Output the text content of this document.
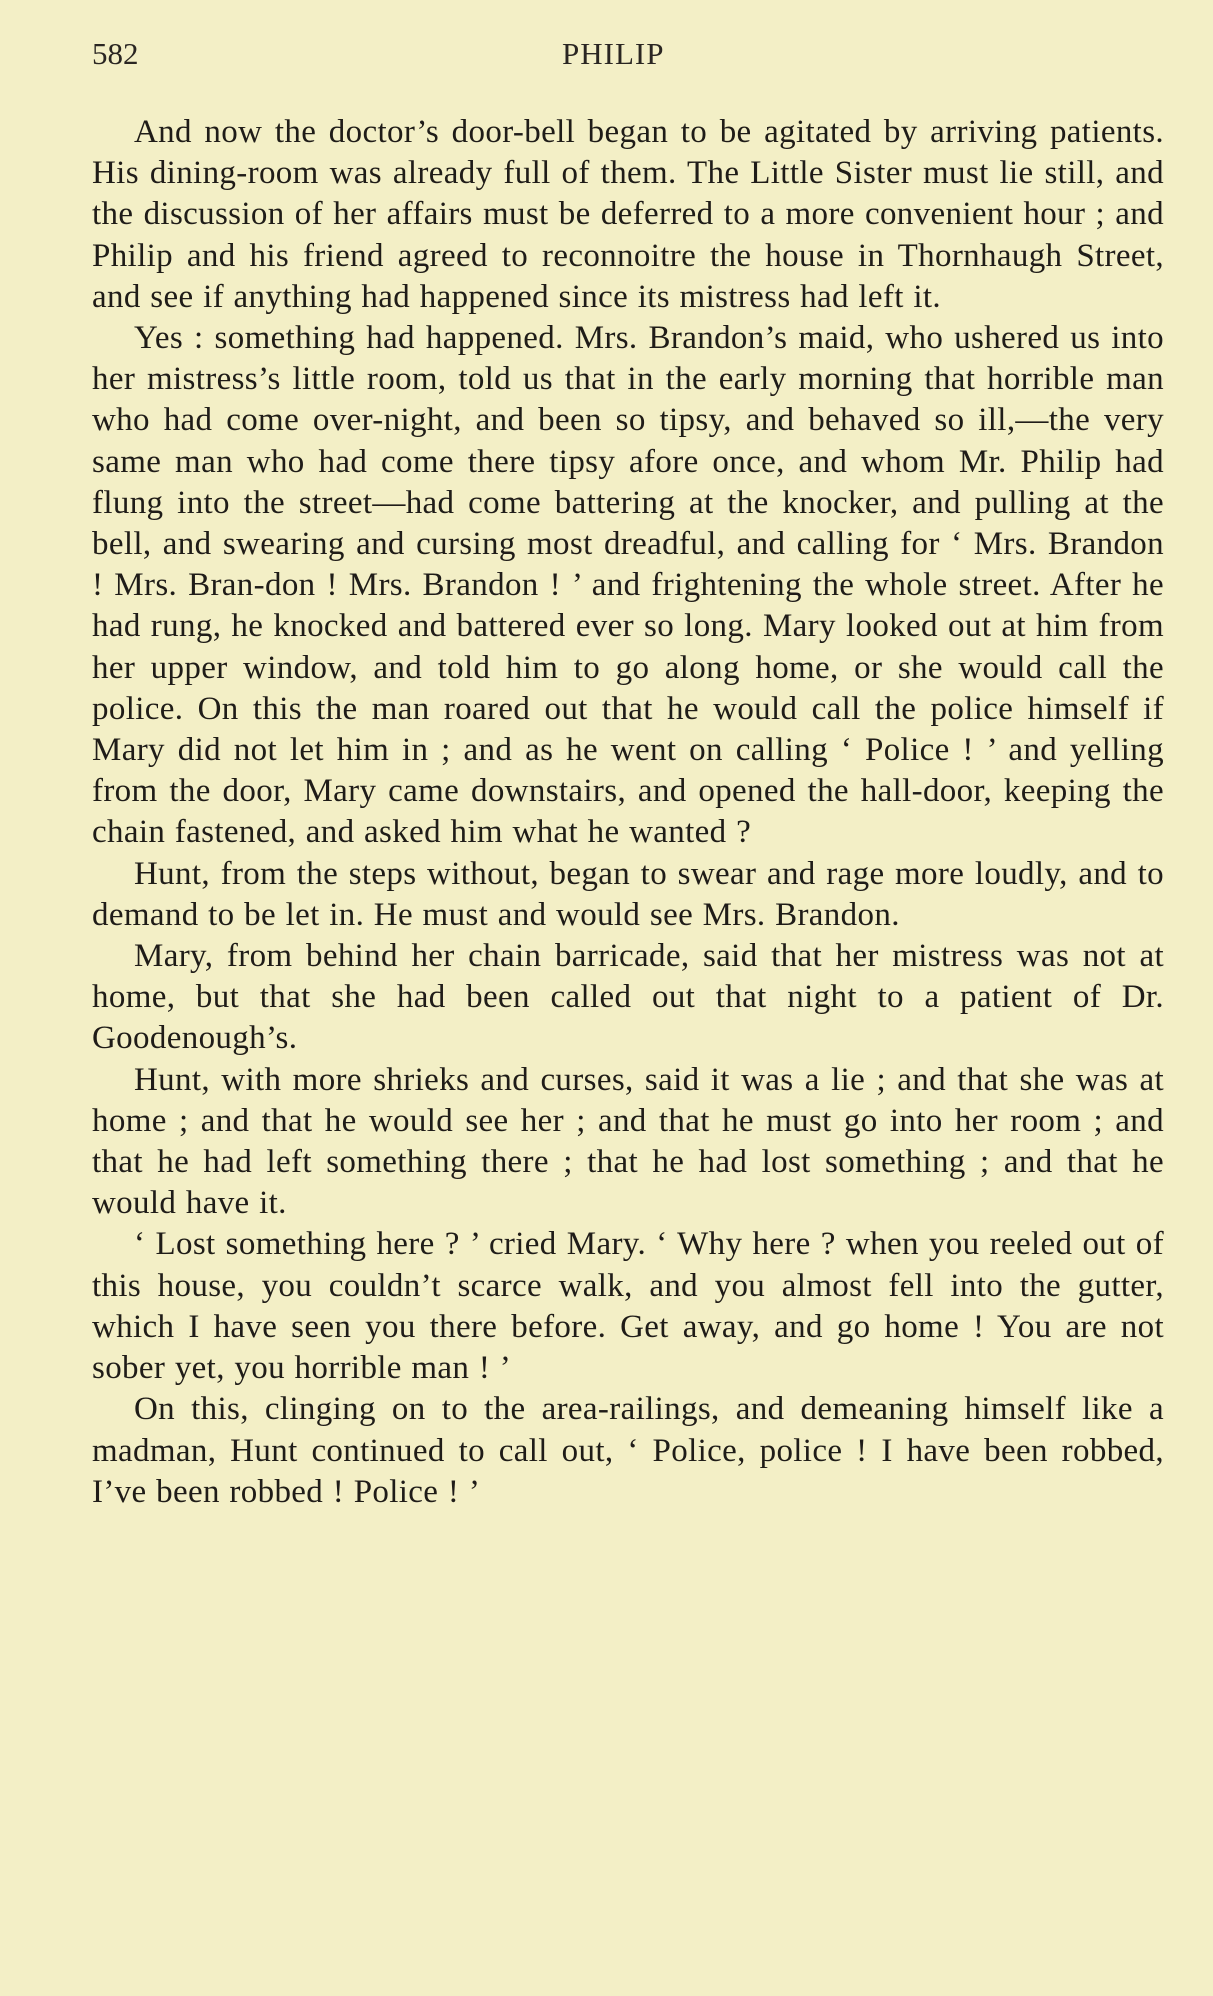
582	PHILIP

And now the doctor’s door-bell began to be agitated by arriving patients. His dining-room was already full of them. The Little Sister must lie still, and the discussion of her affairs must be deferred to a more convenient hour ; and Philip and his friend agreed to reconnoitre the house in Thornhaugh Street, and see if anything had happened since its mistress had left it.

Yes : something had happened. Mrs. Brandon’s maid, who ushered us into her mistress’s little room, told us that in the early morning that horrible man who had come over-night, and been so tipsy, and behaved so ill,—the very same man who had come there tipsy afore once, and whom Mr. Philip had flung into the street—had come battering at the knocker, and pulling at the bell, and swearing and cursing most dreadful, and calling for ‘ Mrs. Brandon ! Mrs. Bran-don ! Mrs. Brandon ! ’ and frightening the whole street. After he had rung, he knocked and battered ever so long. Mary looked out at him from her upper window, and told him to go along home, or she would call the police. On this the man roared out that he would call the police himself if Mary did not let him in ; and as he went on calling ‘ Police ! ’ and yelling from the door, Mary came downstairs, and opened the hall-door, keeping the chain fastened, and asked him what he wanted ?

Hunt, from the steps without, began to swear and rage more loudly, and to demand to be let in. He must and would see Mrs. Brandon.

Mary, from behind her chain barricade, said that her mistress was not at home, but that she had been called out that night to a patient of Dr. Goodenough’s.

Hunt, with more shrieks and curses, said it was a lie ; and that she was at home ; and that he would see her ; and that he must go into her room ; and that he had left something there ; that he had lost something ; and that he would have it.

‘ Lost something here ? ’ cried Mary. ‘ Why here ? when you reeled out of this house, you couldn’t scarce walk, and you almost fell into the gutter, which I have seen you there before. Get away, and go home ! You are not sober yet, you horrible man ! ’

On this, clinging on to the area-railings, and demeaning himself like a madman, Hunt continued to call out, ‘ Police, police ! I have been robbed, I’ve been robbed ! Police ! ’
